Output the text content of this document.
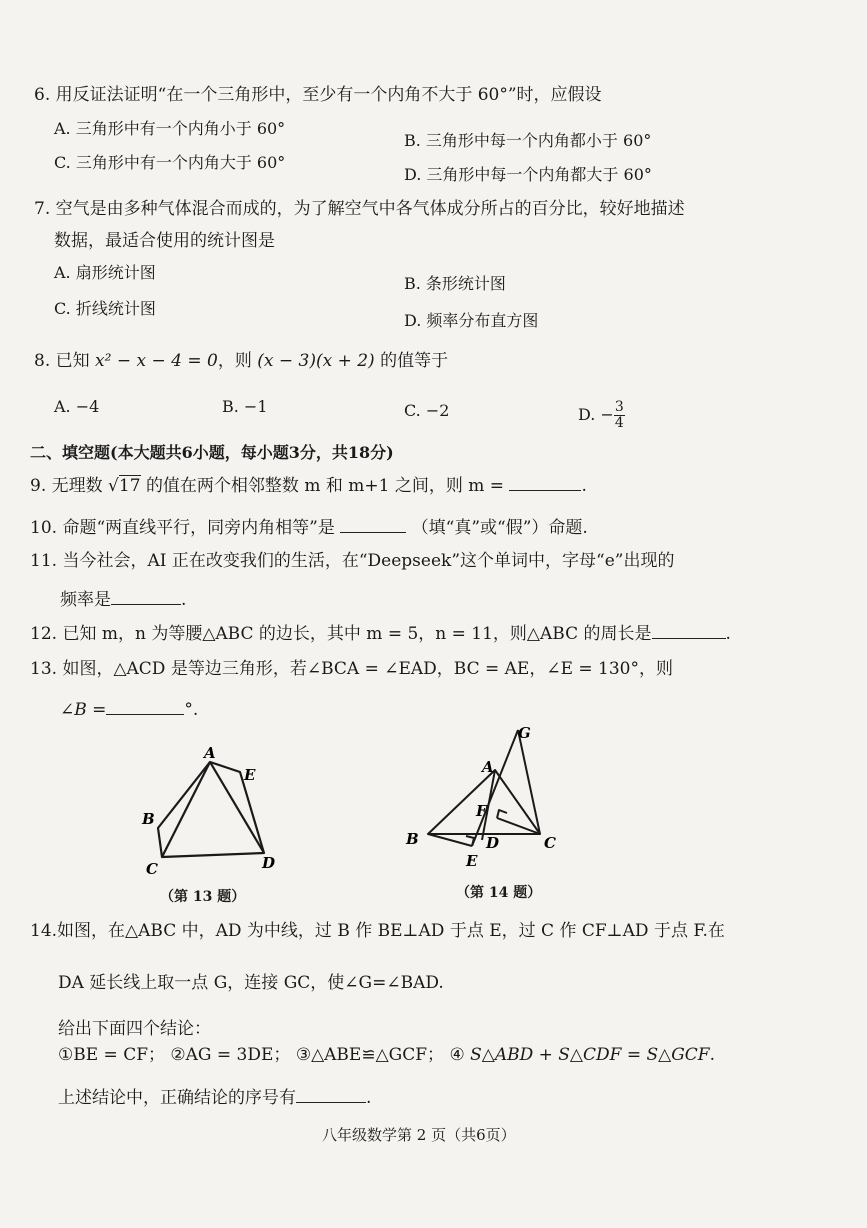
6. 用反证法证明“在一个三角形中，至少有一个内角不大于 60°”时，应假设
A. 三角形中有一个内角小于 60°
B. 三角形中每一个内角都小于 60°
C. 三角形中有一个内角大于 60°
D. 三角形中每一个内角都大于 60°
7. 空气是由多种气体混合而成的，为了解空气中各气体成分所占的百分比，较好地描述
数据，最适合使用的统计图是
A. 扇形统计图
B. 条形统计图
C. 折线统计图
D. 频率分布直方图
8. 已知 x² − x − 4 = 0，则 (x − 3)(x + 2) 的值等于
A. −4	B. −1	C. −2	D. − $\frac{3}{4}$
二、填空题(本大题共6小题，每小题3分，共18分)
9. 无理数 √17 的值在两个相邻整数 m 和 m+1 之间，则 m =	.
10. 命题“两直线平行，同旁内角相等”是	（填“真”或“假”）命题.
11. 当今社会，AI 正在改变我们的生活，在“Deepseek”这个单词中，字母“e”出现的
频率是	.
12. 已知 m，n 为等腰△ABC 的边长，其中 m = 5，n = 11，则△ABC 的周长是	.
13. 如图，△ACD 是等边三角形，若∠BCA = ∠EAD，BC = AE，∠E = 130°，则
∠B =	°.
A
E
B
C	D
（第 13 题）
G
A
F
B	D	C
E
（第 14 题）
14.如图，在△ABC 中，AD 为中线，过 B 作 BE⊥AD 于点 E，过 C 作 CF⊥AD 于点 F.在
DA 延长线上取一点 G，连接 GC，使∠G=∠BAD.
给出下面四个结论：
①BE = CF； ②AG = 3DE； ③△ABE≌△GCF； ④ S△ABD + S△CDF = S△GCF.
上述结论中，正确结论的序号有	.
八年级数学第 2 页（共6页）
